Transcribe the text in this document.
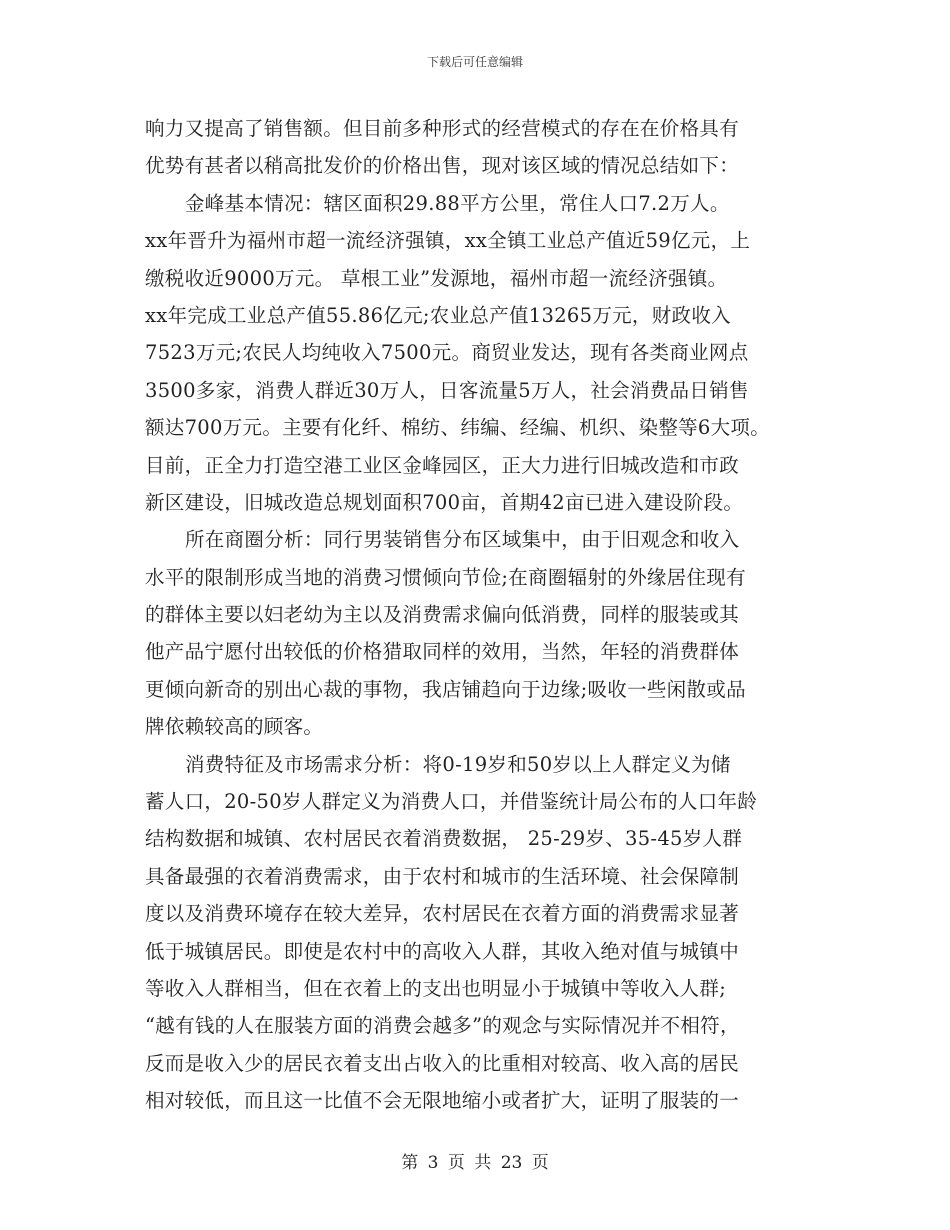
下载后可任意编辑
响力又提高了销售额。但目前多种形式的经营模式的存在在价格具有
优势有甚者以稍高批发价的价格出售，现对该区域的情况总结如下：
金峰基本情况：辖区面积29.88平方公里，常住人口7.2万人。
xx年晋升为福州市超一流经济强镇，xx全镇工业总产值近59亿元，上
缴税收近9000万元。 草根工业”发源地，福州市超一流经济强镇。
xx年完成工业总产值55.86亿元;农业总产值13265万元，财政收入
7523万元;农民人均纯收入7500元。商贸业发达，现有各类商业网点
3500多家，消费人群近30万人，日客流量5万人，社会消费品日销售
额达700万元。主要有化纤、棉纺、纬编、经编、机织、染整等6大项。
目前，正全力打造空港工业区金峰园区，正大力进行旧城改造和市政
新区建设，旧城改造总规划面积700亩，首期42亩已进入建设阶段。
所在商圈分析：同行男装销售分布区域集中，由于旧观念和收入
水平的限制形成当地的消费习惯倾向节俭;在商圈辐射的外缘居住现有
的群体主要以妇老幼为主以及消费需求偏向低消费，同样的服装或其
他产品宁愿付出较低的价格猎取同样的效用，当然，年轻的消费群体
更倾向新奇的别出心裁的事物，我店铺趋向于边缘;吸收一些闲散或品
牌依赖较高的顾客。
消费特征及市场需求分析：将0-19岁和50岁以上人群定义为储
蓄人口，20-50岁人群定义为消费人口，并借鉴统计局公布的人口年龄
结构数据和城镇、农村居民衣着消费数据， 25-29岁、35-45岁人群
具备最强的衣着消费需求，由于农村和城市的生活环境、社会保障制
度以及消费环境存在较大差异，农村居民在衣着方面的消费需求显著
低于城镇居民。即使是农村中的高收入人群，其收入绝对值与城镇中
等收入人群相当，但在衣着上的支出也明显小于城镇中等收入人群;
“越有钱的人在服装方面的消费会越多”的观念与实际情况并不相符，
反而是收入少的居民衣着支出占收入的比重相对较高、收入高的居民
相对较低，而且这一比值不会无限地缩小或者扩大，证明了服装的一
第 3 页 共 23 页
